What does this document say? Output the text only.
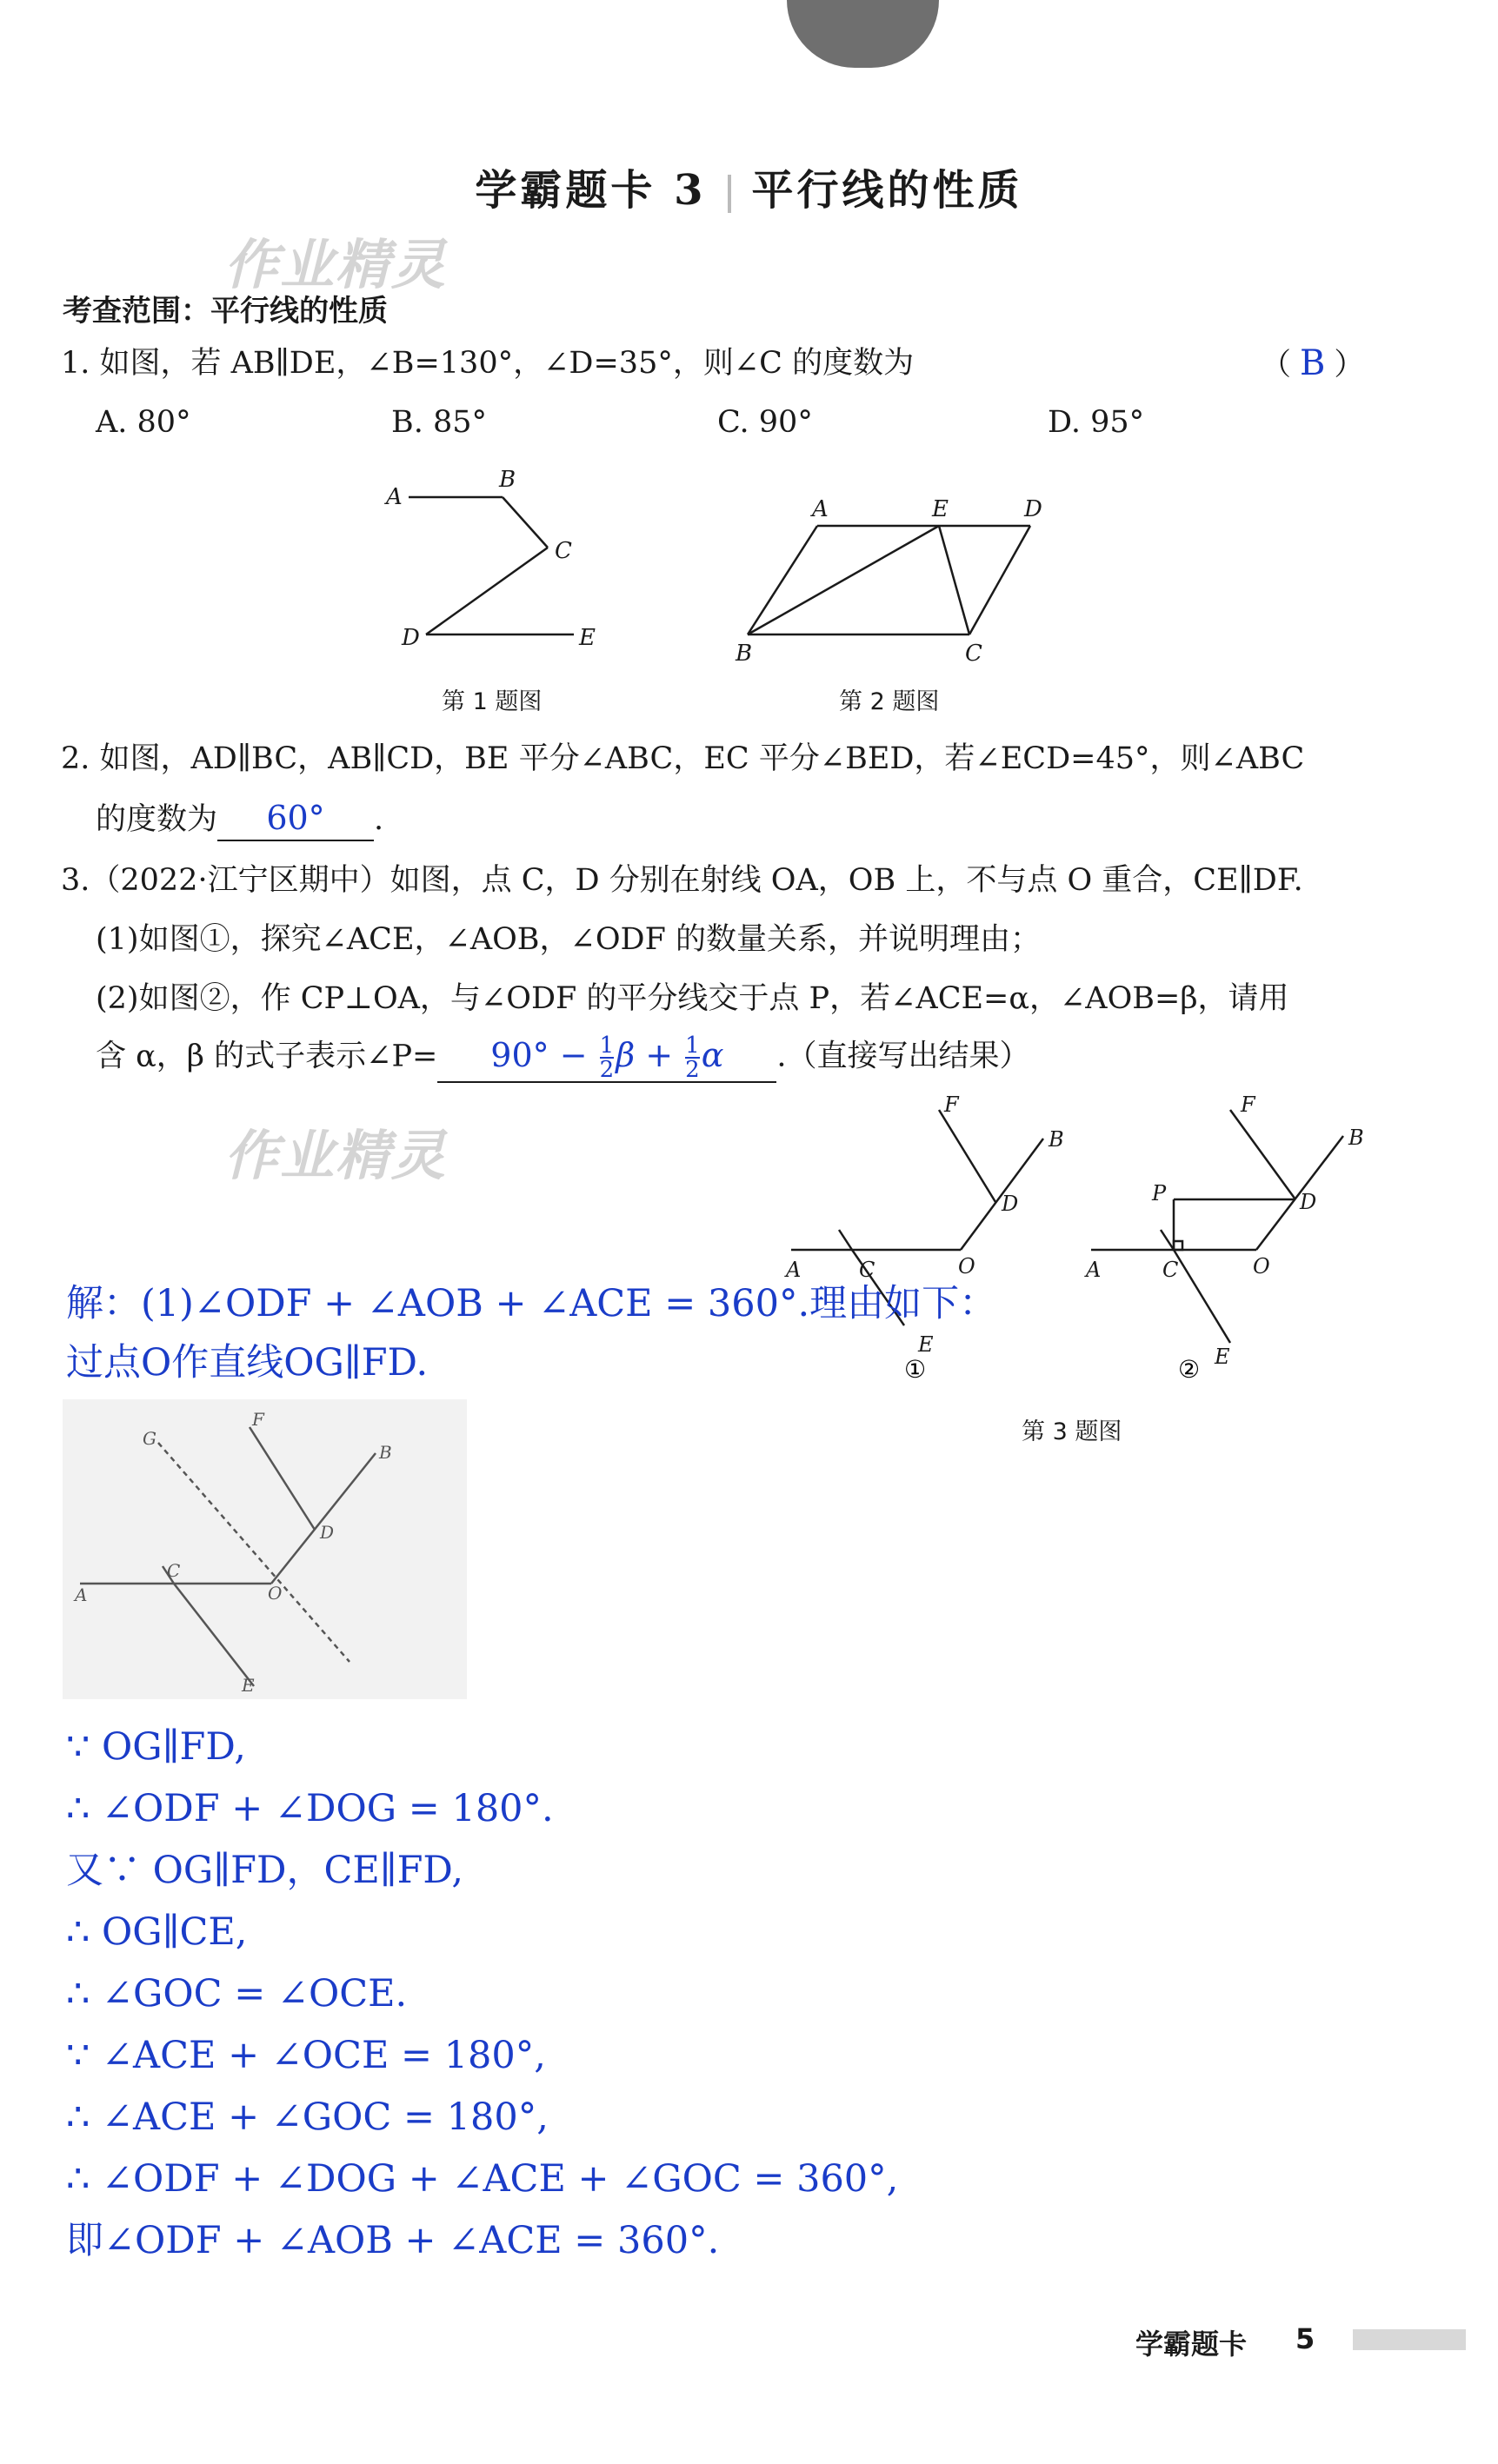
学霸题卡 3 平行线的性质
作业精灵
作业精灵
考查范围：平行线的性质
1. 如图，若 AB∥DE，∠B=130°，∠D=35°，则∠C 的度数为	（ B ）
A. 80°	B. 85°	C. 90°	D. 95°
A
B
C
D	E
第 1 题图
A	E	D
B	C
第 2 题图
2. 如图，AD∥BC，AB∥CD，BE 平分∠ABC，EC 平分∠BED，若∠ECD=45°，则∠ABC
的度数为 60° .
3.（2022·江宁区期中）如图，点 C，D 分别在射线 OA，OB 上，不与点 O 重合，CE∥DF.
(1)如图①，探究∠ACE，∠AOB，∠ODF 的数量关系，并说明理由；
(2)如图②，作 CP⊥OA，与∠ODF 的平分线交于点 P，若∠ACE=α，∠AOB=β，请用
含 α，β 的式子表示∠P= $90^\circ - \frac{1}{2}$ $\beta + \frac{1}{2}$ α .（直接写出结果）
F
B
D
A	C	O
E
①
F
B
P	D
A	C	O
E
②
第 3 题图
解：(1)∠ODF + ∠AOB + ∠ACE = 360°.理由如下：
过点O作直线OG∥FD.
G
F
B
D
A
C
O
E
∵ OG∥FD,
∴ ∠ODF + ∠DOG = 180°.
又∵ OG∥FD，CE∥FD,
∴ OG∥CE,
∴ ∠GOC = ∠OCE.
∵ ∠ACE + ∠OCE = 180°,
∴ ∠ACE + ∠GOC = 180°,
∴ ∠ODF + ∠DOG + ∠ACE + ∠GOC = 360°,
即∠ODF + ∠AOB + ∠ACE = 360°.
学霸题卡 5
